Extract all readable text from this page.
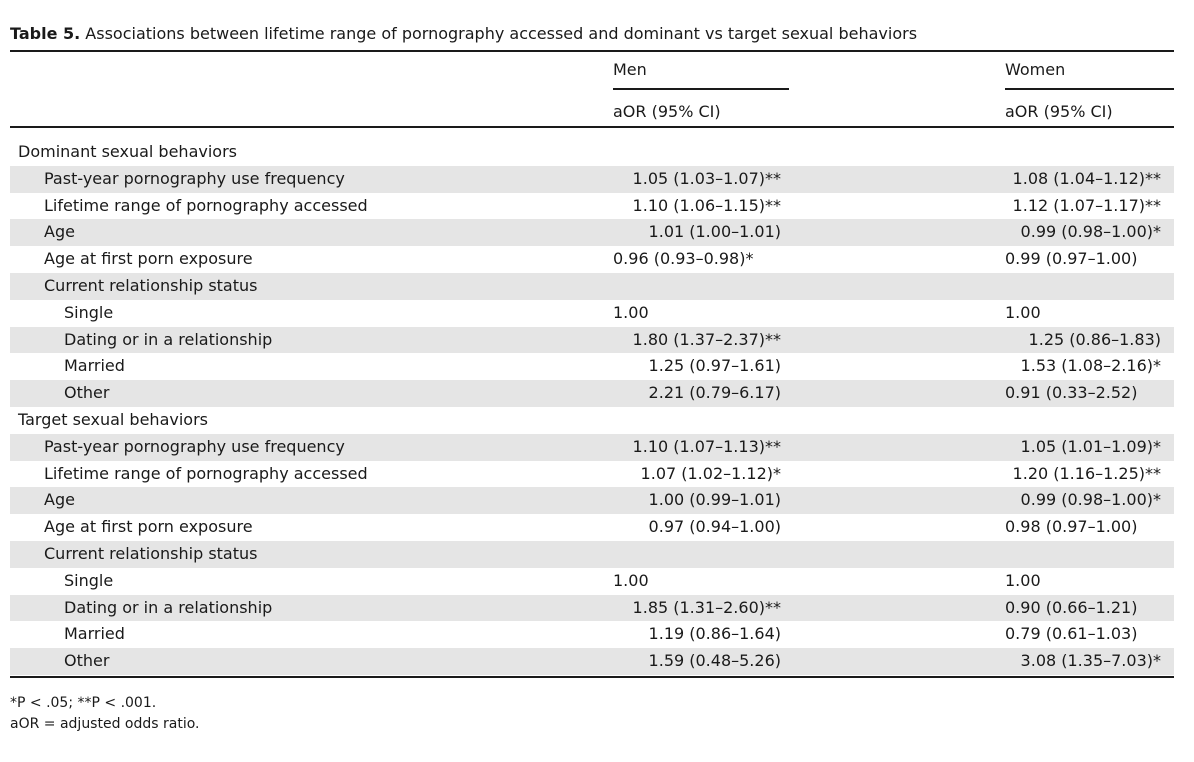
Table 5. Associations between lifetime range of pornography accessed and dominant vs target sexual behaviors
Men	Women
aOR (95% CI)	aOR (95% CI)
Dominant sexual behaviors
Past-year pornography use frequency	1.05 (1.03–1.07)**	1.08 (1.04–1.12)**
Lifetime range of pornography accessed	1.10 (1.06–1.15)**	1.12 (1.07–1.17)**
Age	1.01 (1.00–1.01)	0.99 (0.98–1.00)*
Age at first porn exposure	0.96 (0.93–0.98)*	0.99 (0.97–1.00)
Current relationship status
Single	1.00	1.00
Dating or in a relationship	1.80 (1.37–2.37)**	1.25 (0.86–1.83)
Married	1.25 (0.97–1.61)	1.53 (1.08–2.16)*
Other	2.21 (0.79–6.17)	0.91 (0.33–2.52)
Target sexual behaviors
Past-year pornography use frequency	1.10 (1.07–1.13)**	1.05 (1.01–1.09)*
Lifetime range of pornography accessed	1.07 (1.02–1.12)*	1.20 (1.16–1.25)**
Age	1.00 (0.99–1.01)	0.99 (0.98–1.00)*
Age at first porn exposure	0.97 (0.94–1.00)	0.98 (0.97–1.00)
Current relationship status
Single	1.00	1.00
Dating or in a relationship	1.85 (1.31–2.60)**	0.90 (0.66–1.21)
Married	1.19 (0.86–1.64)	0.79 (0.61–1.03)
Other	1.59 (0.48–5.26)	3.08 (1.35–7.03)*
*P < .05; **P < .001.
aOR = adjusted odds ratio.
